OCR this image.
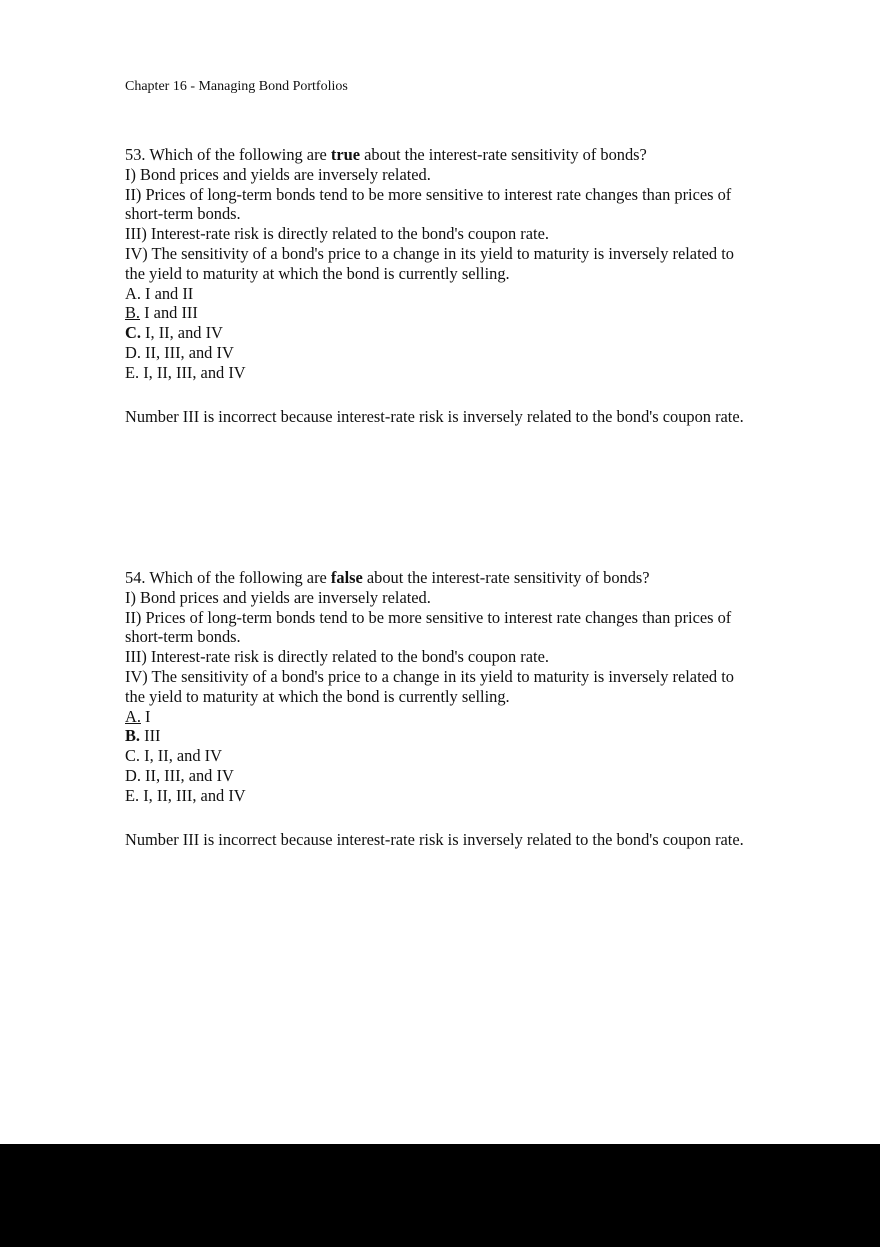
Chapter 16 - Managing Bond Portfolios
53. Which of the following are true about the interest-rate sensitivity of bonds?
I) Bond prices and yields are inversely related.
II) Prices of long-term bonds tend to be more sensitive to interest rate changes than prices of
short-term bonds.
III) Interest-rate risk is directly related to the bond's coupon rate.
IV) The sensitivity of a bond's price to a change in its yield to maturity is inversely related to
the yield to maturity at which the bond is currently selling.
A. I and II
B. I and III
C. I, II, and IV
D. II, III, and IV
E. I, II, III, and IV
Number III is incorrect because interest-rate risk is inversely related to the bond's coupon rate.
54. Which of the following are false about the interest-rate sensitivity of bonds?
I) Bond prices and yields are inversely related.
II) Prices of long-term bonds tend to be more sensitive to interest rate changes than prices of
short-term bonds.
III) Interest-rate risk is directly related to the bond's coupon rate.
IV) The sensitivity of a bond's price to a change in its yield to maturity is inversely related to
the yield to maturity at which the bond is currently selling.
A. I
B. III
C. I, II, and IV
D. II, III, and IV
E. I, II, III, and IV
Number III is incorrect because interest-rate risk is inversely related to the bond's coupon rate.
